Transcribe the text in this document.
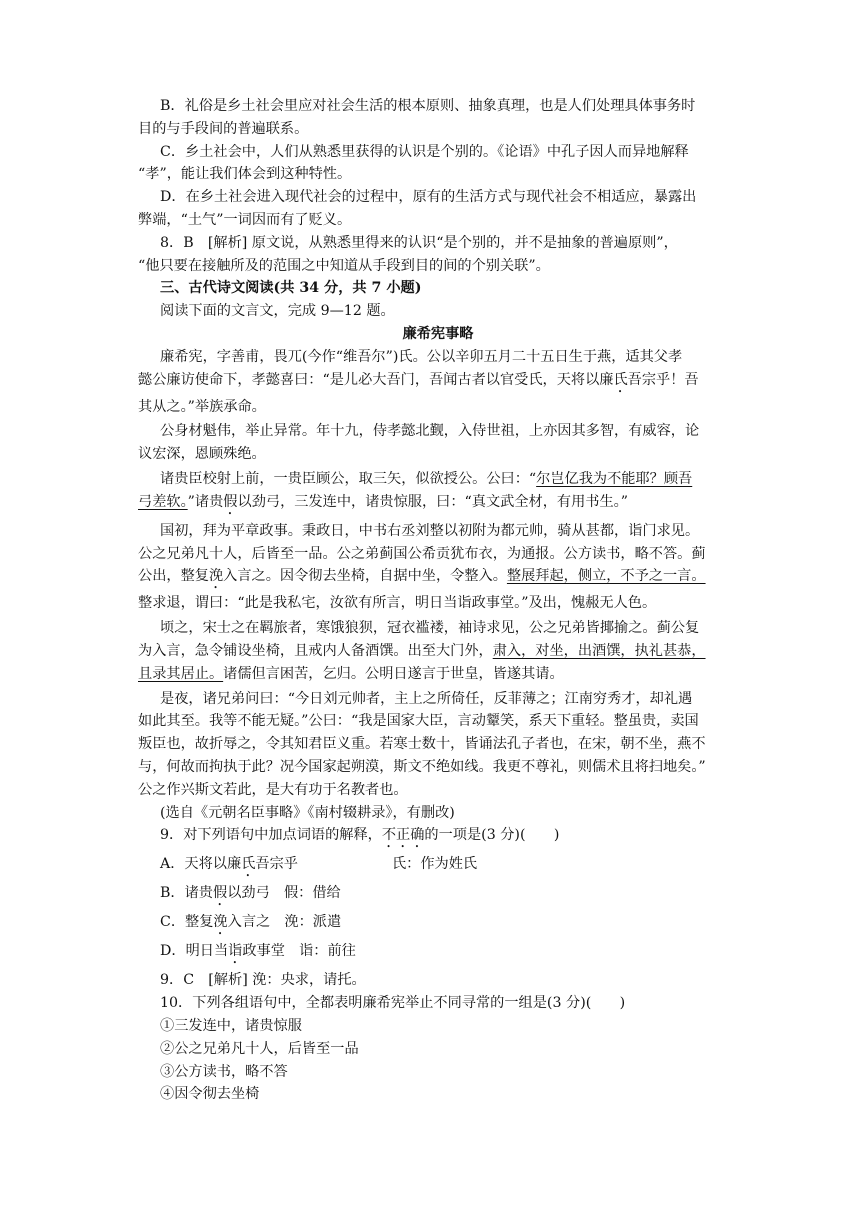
B．礼俗是乡土社会里应对社会生活的根本原则、抽象真理，也是人们处理具体事务时

目的与手段间的普遍联系。

C．乡土社会中，人们从熟悉里获得的认识是个别的。《论语》中孔子因人而异地解释

“孝”，能让我们体会到这种特性。

D．在乡土社会进入现代社会的过程中，原有的生活方式与现代社会不相适应，暴露出

弊端，“土气”一词因而有了贬义。

8．B　[解析] 原文说，从熟悉里得来的认识“是个别的，并不是抽象的普遍原则”，

“他只要在接触所及的范围之中知道从手段到目的间的个别关联”。

三、古代诗文阅读(共 34 分，共 7 小题)

阅读下面的文言文，完成 9—12 题。

廉希宪事略

廉希宪，字善甫，畏兀(今作“维吾尔”)氏。公以辛卯五月二十五日生于燕，适其父孝

懿公廉访使命下，孝懿喜曰：“是儿必大吾门，吾闻古者以官受氏，天将以廉氏吾宗乎！吾

其从之。”举族承命。

公身材魁伟，举止异常。年十九，侍孝懿北觐，入侍世祖，上亦因其多智，有威容，论

议宏深，恩顾殊绝。

诸贵臣校射上前，一贵臣顾公，取三矢，似欲授公。公曰：“尔岂亿我为不能耶？顾吾

弓差软。”诸贵假以劲弓，三发连中，诸贵惊服，曰：“真文武全材，有用书生。”

国初，拜为平章政事。秉政日，中书右丞刘整以初附为都元帅，骑从甚都，诣门求见。

公之兄弟凡十人，后皆至一品。公之弟蓟国公希贡犹布衣，为通报。公方读书，略不答。蓟

公出，整复浼入言之。因令彻去坐椅，自据中坐，令整入。整展拜起，侧立，不予之一言。

整求退，谓曰：“此是我私宅，汝欲有所言，明日当诣政事堂。”及出，愧赧无人色。

顷之，宋士之在羁旅者，寒饿狼狈，冠衣褴褛，袖诗求见，公之兄弟皆揶揄之。蓟公复

为入言，急令铺设坐椅，且戒内人备酒馔。出至大门外，肃入，对坐，出酒馔，执礼甚恭，

且录其居止。诸儒但言困苦，乞归。公明日遂言于世皇，皆遂其请。

是夜，诸兄弟问曰：“今日刘元帅者，主上之所倚任，反菲薄之；江南穷秀才，却礼遇

如此其至。我等不能无疑。”公曰：“我是国家大臣，言动颦笑，系天下重轻。整虽贵，卖国

叛臣也，故折辱之，令其知君臣义重。若寒士数十，皆诵法孔子者也，在宋，朝不坐，燕不

与，何故而拘执于此？况今国家起朔漠，斯文不绝如线。我更不尊礼，则儒术且将扫地矣。”

公之作兴斯文若此，是大有功于名教者也。

(选自《元朝名臣事略》《南村辍耕录》，有删改)

9．对下列语句中加点词语的解释，不正确的一项是(3 分)(　　)

A．天将以廉氏吾宗乎	氏：作为姓氏

B．诸贵假以劲弓　假：借给

C．整复浼入言之　浼：派遣

D．明日当诣政事堂　诣：前往

9．C　[解析] 浼：央求，请托。

10．下列各组语句中，全都表明廉希宪举止不同寻常的一组是(3 分)(　　)

①三发连中，诸贵惊服

②公之兄弟凡十人，后皆至一品

③公方读书，略不答

④因令彻去坐椅
